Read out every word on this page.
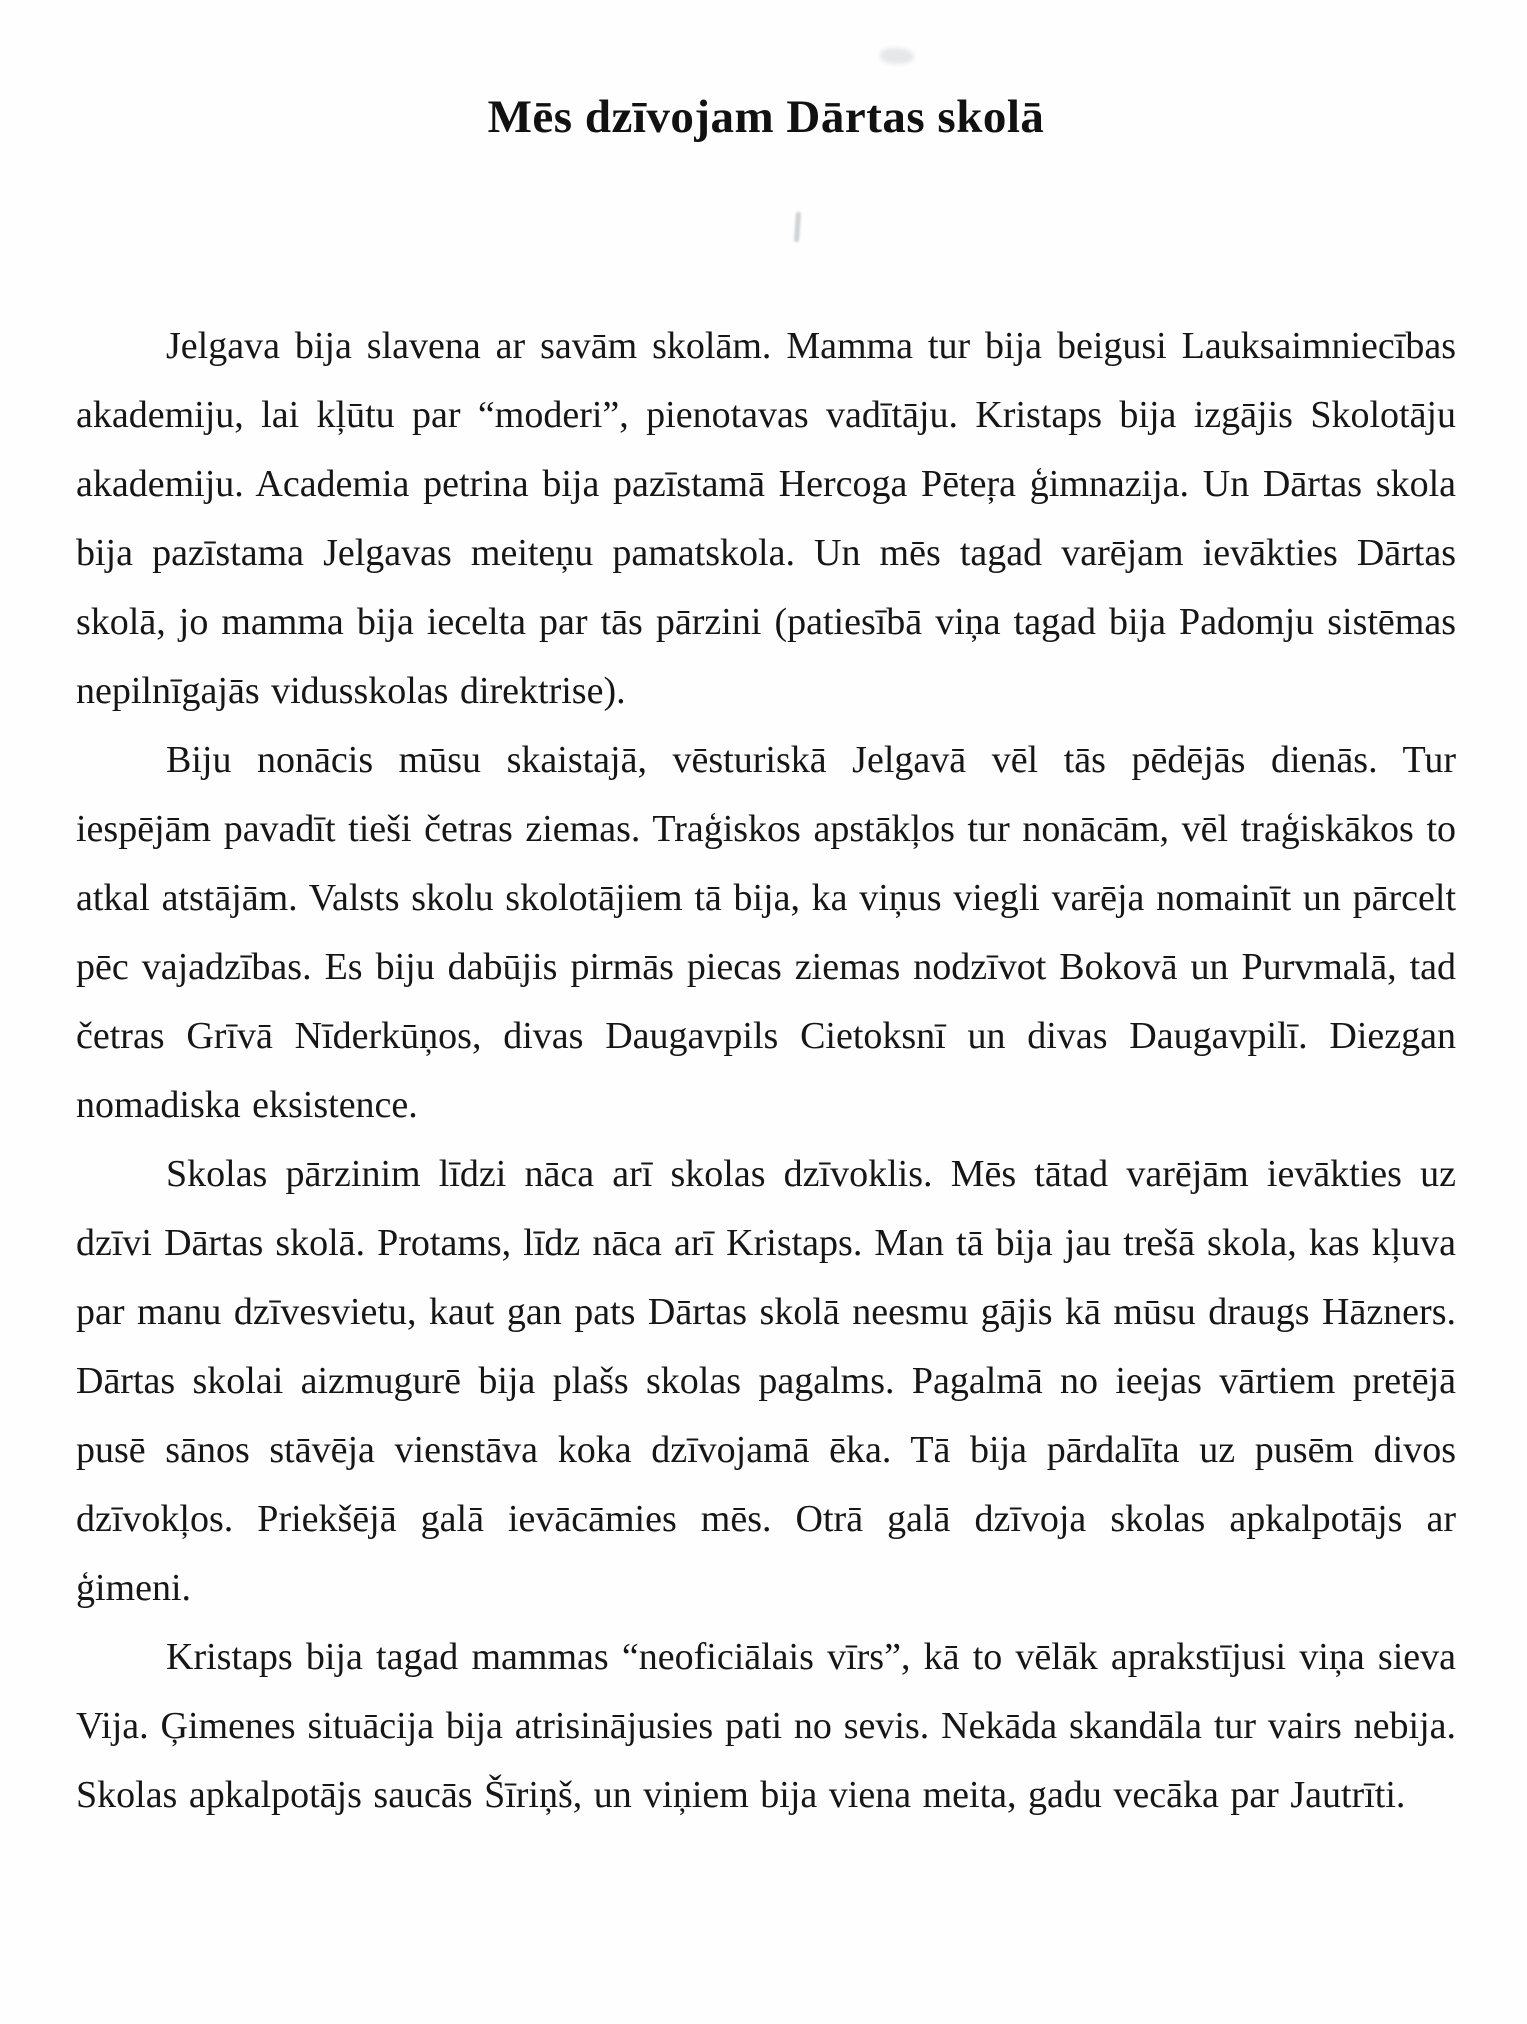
Mēs dzīvojam Dārtas skolā

Jelgava bija slavena ar savām skolām. Mamma tur bija beigusi Lauksaimniecības akademiju, lai kļūtu par “moderi”, pienotavas vadītāju. Kristaps bija izgājis Skolotāju akademiju. Academia petrina bija pazīstamā Hercoga Pēteŗa ģimnazija. Un Dārtas skola bija pazīstama Jelgavas meiteņu pamatskola. Un mēs tagad varējam ievākties Dārtas skolā, jo mamma bija iecelta par tās pārzini (patiesībā viņa tagad bija Padomju sistēmas nepilnīgajās vidusskolas direktrise).

Biju nonācis mūsu skaistajā, vēsturiskā Jelgavā vēl tās pēdējās dienās. Tur iespējām pavadīt tieši četras ziemas. Traģiskos apstākļos tur nonācām, vēl traģiskākos to atkal atstājām. Valsts skolu skolotājiem tā bija, ka viņus viegli varēja nomainīt un pārcelt pēc vajadzības. Es biju dabūjis pirmās piecas ziemas nodzīvot Bokovā un Purvmalā, tad četras Grīvā Nīderkūņos, divas Daugavpils Cietoksnī un divas Daugavpilī. Diezgan nomadiska eksistence.

Skolas pārzinim līdzi nāca arī skolas dzīvoklis. Mēs tātad varējām ievākties uz dzīvi Dārtas skolā. Protams, līdz nāca arī Kristaps. Man tā bija jau trešā skola, kas kļuva par manu dzīvesvietu, kaut gan pats Dārtas skolā neesmu gājis kā mūsu draugs Hāzners. Dārtas skolai aizmugurē bija plašs skolas pagalms. Pagalmā no ieejas vārtiem pretējā pusē sānos stāvēja vienstāva koka dzīvojamā ēka. Tā bija pārdalīta uz pusēm divos dzīvokļos. Priekšējā galā ievācāmies mēs. Otrā galā dzīvoja skolas apkalpotājs ar ģimeni.

Kristaps bija tagad mammas “neoficiālais vīrs”, kā to vēlāk aprakstījusi viņa sieva Vija. Ģimenes situācija bija atrisinājusies pati no sevis. Nekāda skandāla tur vairs nebija. Skolas apkalpotājs saucās Šīriņš, un viņiem bija viena meita, gadu vecāka par Jautrīti.
